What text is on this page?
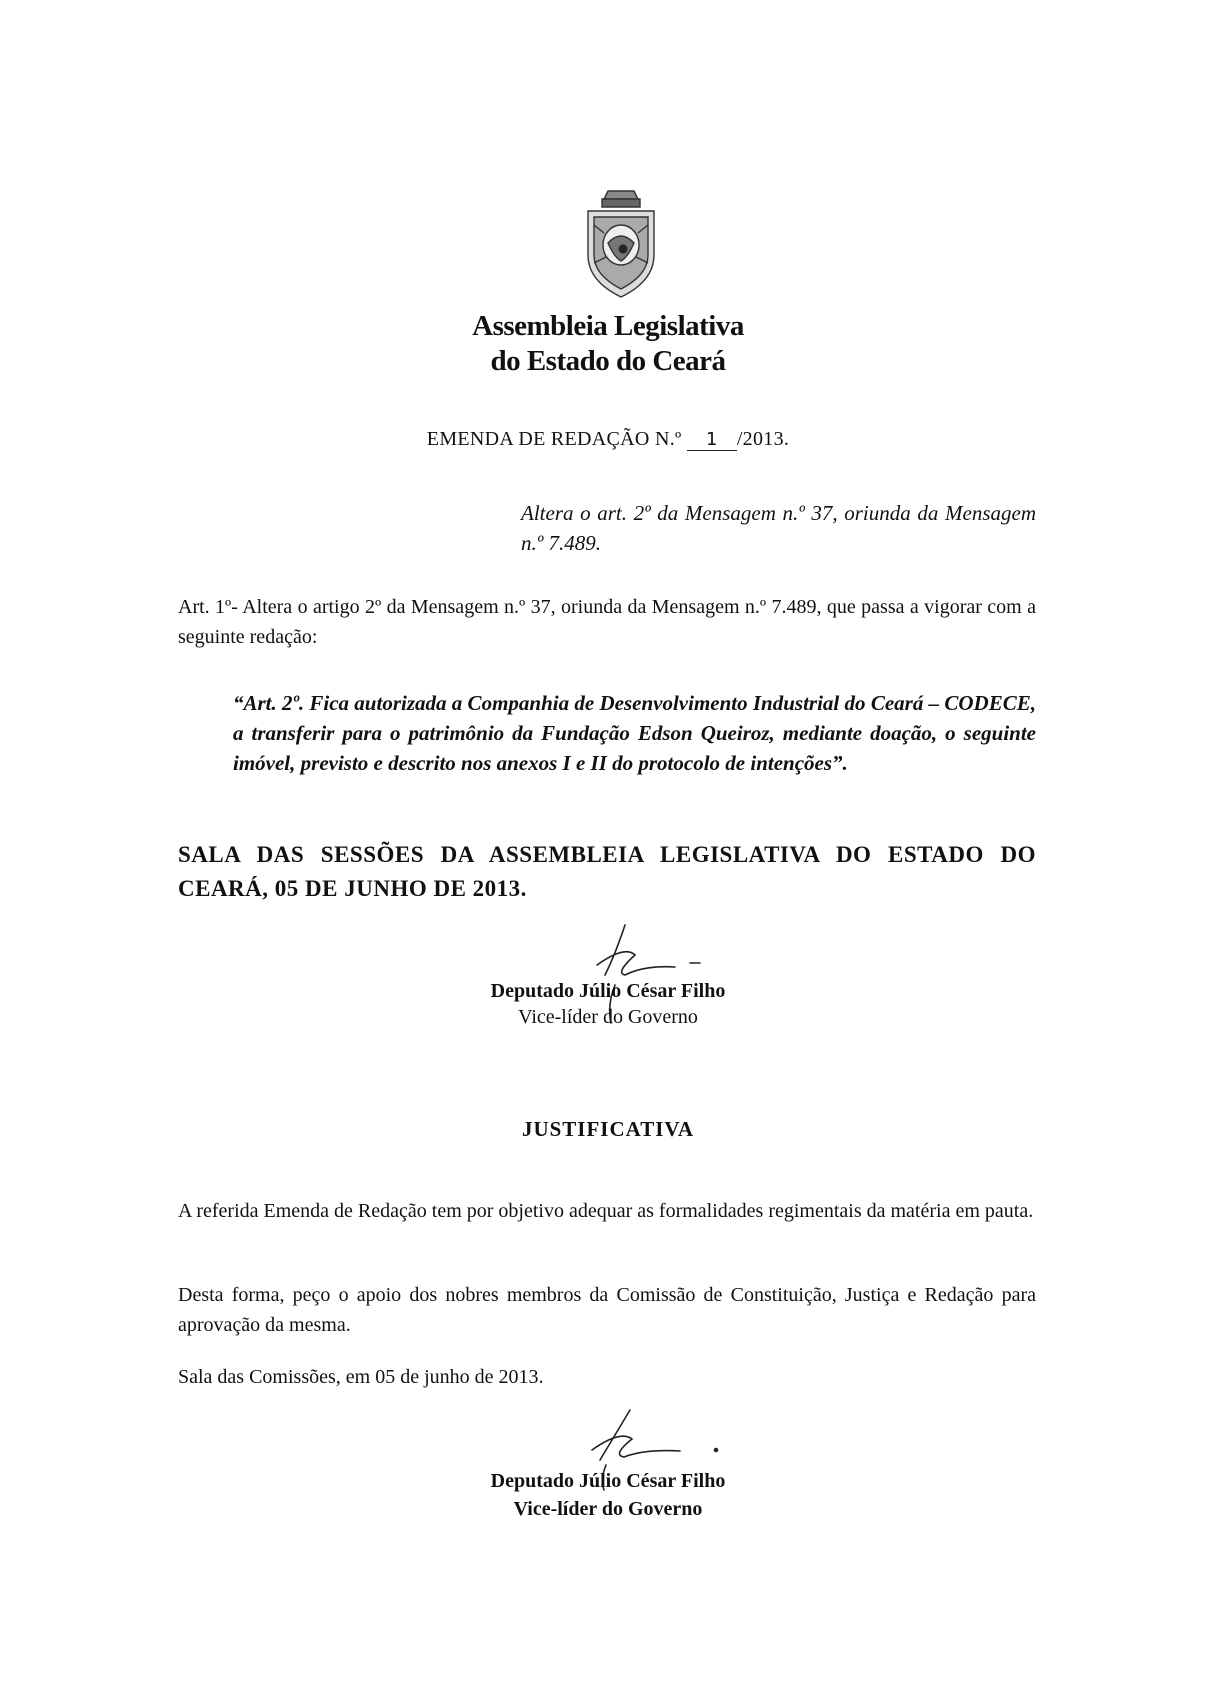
Assembleia Legislativa
do Estado do Ceará
EMENDA DE REDAÇÃO N.º 1 /2013.
Altera o art. 2º da Mensagem n.º 37, oriunda da Mensagem n.º 7.489.
Art. 1º- Altera o artigo 2º da Mensagem n.º 37, oriunda da Mensagem n.º 7.489, que passa a vigorar com a seguinte redação:
“Art. 2º. Fica autorizada a Companhia de Desenvolvimento Industrial do Ceará – CODECE, a transferir para o patrimônio da Fundação Edson Queiroz, mediante doação, o seguinte imóvel, previsto e descrito nos anexos I e II do protocolo de intenções”.
SALA DAS SESSÕES DA ASSEMBLEIA LEGISLATIVA DO ESTADO DO CEARÁ, 05 DE JUNHO DE 2013.
Deputado Júlio César Filho
Vice-líder do Governo
JUSTIFICATIVA
A referida Emenda de Redação tem por objetivo adequar as formalidades regimentais da matéria em pauta.
Desta forma, peço o apoio dos nobres membros da Comissão de Constituição, Justiça e Redação para aprovação da mesma.
Sala das Comissões, em 05 de junho de 2013.
Deputado Júlio César Filho
Vice-líder do Governo
